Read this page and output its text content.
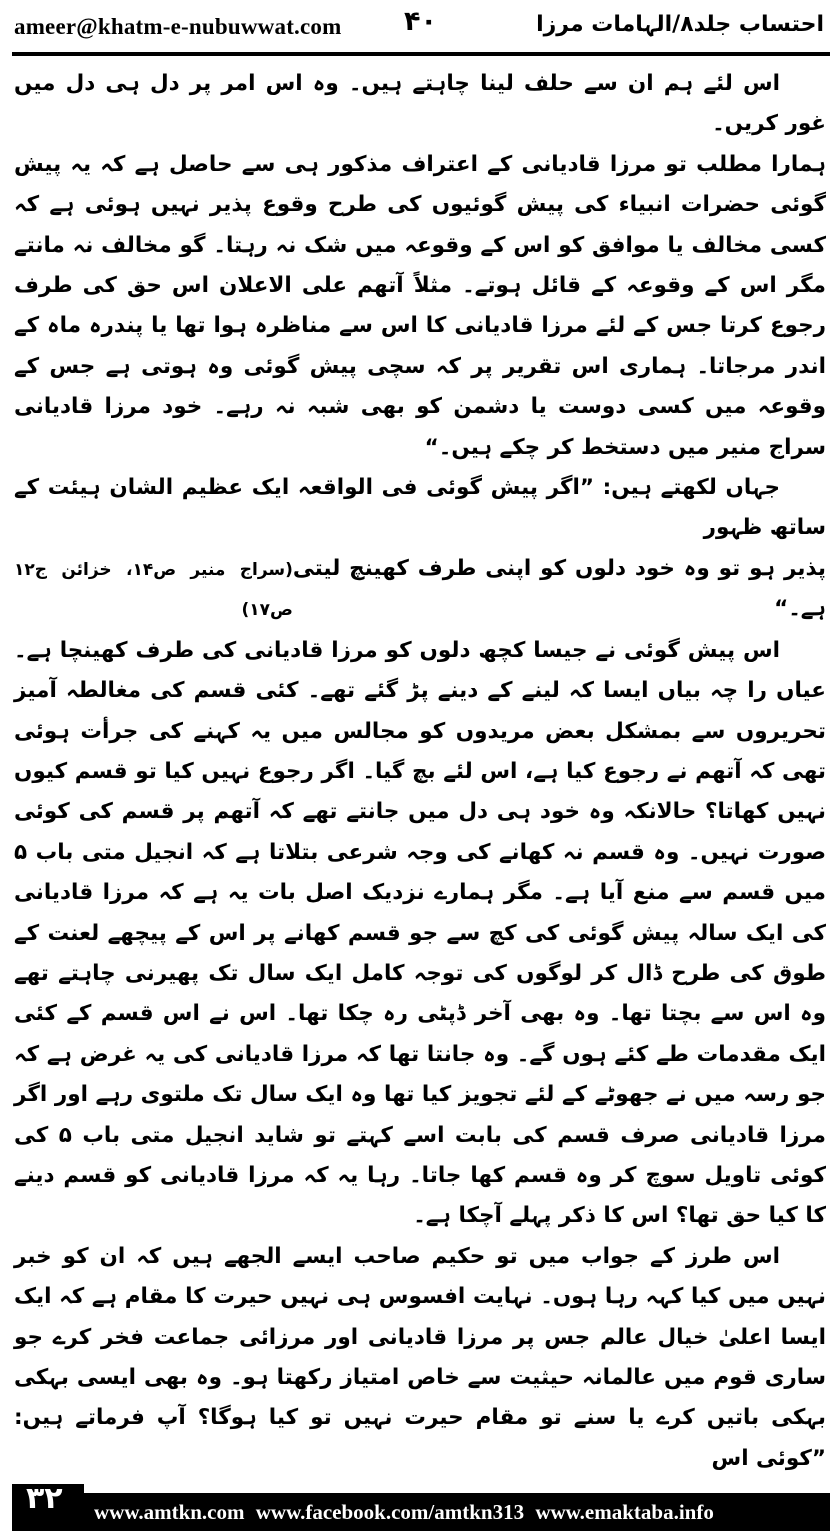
ameer@khatm-e-nubuwwat.com ۴۰	احتساب جلد۸/الہامات مرزا

اس لئے ہم ان سے حلف لینا چاہتے ہیں۔ وہ اس امر پر دل ہی دل میں غور کریں۔

ہمارا مطلب تو مرزا قادیانی کے اعتراف مذکور ہی سے حاصل ہے کہ یہ پیش گوئی حضرات انبیاء کی پیش گوئیوں کی طرح وقوع پذیر نہیں ہوئی ہے کہ کسی مخالف یا موافق کو اس کے وقوعہ میں شک نہ رہتا۔ گو مخالف نہ مانتے مگر اس کے وقوعہ کے قائل ہوتے۔ مثلاً آتھم علی الاعلان اس حق کی طرف رجوع کرتا جس کے لئے مرزا قادیانی کا اس سے مناظرہ ہوا تھا یا پندرہ ماہ کے اندر مرجاتا۔ ہماری اس تقریر پر کہ سچی پیش گوئی وہ ہوتی ہے جس کے وقوعہ میں کسی دوست یا دشمن کو بھی شبہ نہ رہے۔ خود مرزا قادیانی سراج منیر میں دستخط کر چکے ہیں۔“

جہاں لکھتے ہیں: ”اگر پیش گوئی فی الواقعہ ایک عظیم الشان ہیئت کے ساتھ ظہور

پذیر ہو تو وہ خود دلوں کو اپنی طرف کھینچ لیتی ہے۔“
(سراج منیر ص۱۴، خزائن ج۱۲ ص۱۷)

اس پیش گوئی نے جیسا کچھ دلوں کو مرزا قادیانی کی طرف کھینچا ہے۔ عیاں را چہ بیاں ایسا کہ لینے کے دینے پڑ گئے تھے۔ کئی قسم کی مغالطہ آمیز تحریروں سے بمشکل بعض مریدوں کو مجالس میں یہ کہنے کی جرأت ہوئی تھی کہ آتھم نے رجوع کیا ہے، اس لئے بچ گیا۔ اگر رجوع نہیں کیا تو قسم کیوں نہیں کھاتا؟ حالانکہ وہ خود ہی دل میں جانتے تھے کہ آتھم پر قسم کی کوئی صورت نہیں۔ وہ قسم نہ کھانے کی وجہ شرعی بتلاتا ہے کہ انجیل متی باب ۵ میں قسم سے منع آیا ہے۔ مگر ہمارے نزدیک اصل بات یہ ہے کہ مرزا قادیانی کی ایک سالہ پیش گوئی کی کچ سے جو قسم کھانے پر اس کے پیچھے لعنت کے طوق کی طرح ڈال کر لوگوں کی توجہ کامل ایک سال تک پھیرنی چاہتے تھے وہ اس سے بچتا تھا۔ وہ بھی آخر ڈپٹی رہ چکا تھا۔ اس نے اس قسم کے کئی ایک مقدمات طے کئے ہوں گے۔ وہ جانتا تھا کہ مرزا قادیانی کی یہ غرض ہے کہ جو رسہ میں نے جھوٹے کے لئے تجویز کیا تھا وہ ایک سال تک ملتوی رہے اور اگر مرزا قادیانی صرف قسم کی بابت اسے کہتے تو شاید انجیل متی باب ۵ کی کوئی تاویل سوچ کر وہ قسم کھا جاتا۔ رہا یہ کہ مرزا قادیانی کو قسم دینے کا کیا حق تھا؟ اس کا ذکر پہلے آچکا ہے۔

اس طرز کے جواب میں تو حکیم صاحب ایسے الجھے ہیں کہ ان کو خبر نہیں میں کیا کہہ رہا ہوں۔ نہایت افسوس ہی نہیں حیرت کا مقام ہے کہ ایک ایسا اعلیٰ خیال عالم جس پر مرزا قادیانی اور مرزائی جماعت فخر کرے جو ساری قوم میں عالمانہ حیثیت سے خاص امتیاز رکھتا ہو۔ وہ بھی ایسی بہکی بہکی باتیں کرے یا سنے تو مقام حیرت نہیں تو کیا ہوگا؟ آپ فرماتے ہیں: ”کوئی اس

۳۲ www.amtkn.com www.facebook.com/amtkn313 www.emaktaba.info
